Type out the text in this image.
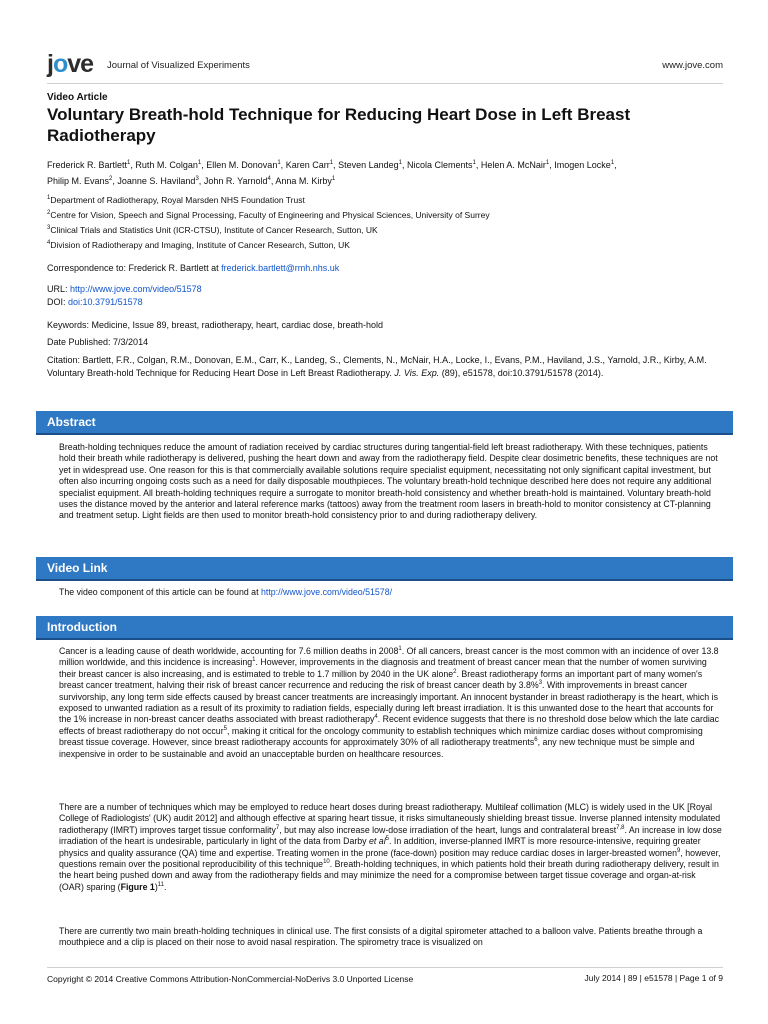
jove Journal of Visualized Experiments	www.jove.com
Video Article
Voluntary Breath-hold Technique for Reducing Heart Dose in Left Breast Radiotherapy
Frederick R. Bartlett$^1$, Ruth M. Colgan$^1$, Ellen M. Donovan$^1$, Karen Carr$^1$, Steven Landeg$^1$, Nicola Clements$^1$, Helen A. McNair$^1$, Imogen Locke$^1$,
Philip M. Evans$^2$, Joanne S. Haviland$^3$, John R. Yarnold$^4$, Anna M. Kirby$^1$
$^1$Department of Radiotherapy, Royal Marsden NHS Foundation Trust
$^2$Centre for Vision, Speech and Signal Processing, Faculty of Engineering and Physical Sciences, University of Surrey
$^3$Clinical Trials and Statistics Unit (ICR-CTSU), Institute of Cancer Research, Sutton, UK
$^4$Division of Radiotherapy and Imaging, Institute of Cancer Research, Sutton, UK
Correspondence to: Frederick R. Bartlett at frederick.bartlett@rmh.nhs.uk
URL: http://www.jove.com/video/51578
DOI: doi:10.3791/51578
Keywords: Medicine, Issue 89, breast, radiotherapy, heart, cardiac dose, breath-hold
Date Published: 7/3/2014
Citation: Bartlett, F.R., Colgan, R.M., Donovan, E.M., Carr, K., Landeg, S., Clements, N., McNair, H.A., Locke, I., Evans, P.M., Haviland, J.S., Yarnold, J.R., Kirby, A.M. Voluntary Breath-hold Technique for Reducing Heart Dose in Left Breast Radiotherapy. J. Vis. Exp. (89), e51578, doi:10.3791/51578 (2014).
Abstract
Breath-holding techniques reduce the amount of radiation received by cardiac structures during tangential-field left breast radiotherapy. With these techniques, patients hold their breath while radiotherapy is delivered, pushing the heart down and away from the radiotherapy field. Despite clear dosimetric benefits, these techniques are not yet in widespread use. One reason for this is that commercially available solutions require specialist equipment, necessitating not only significant capital investment, but often also incurring ongoing costs such as a need for daily disposable mouthpieces. The voluntary breath-hold technique described here does not require any additional specialist equipment. All breath-holding techniques require a surrogate to monitor breath-hold consistency and whether breath-hold is maintained. Voluntary breath-hold uses the distance moved by the anterior and lateral reference marks (tattoos) away from the treatment room lasers in breath-hold to monitor consistency at CT-planning and treatment setup. Light fields are then used to monitor breath-hold consistency prior to and during radiotherapy delivery.
Video Link
The video component of this article can be found at http://www.jove.com/video/51578/
Introduction
Cancer is a leading cause of death worldwide, accounting for 7.6 million deaths in 2008$^1$. Of all cancers, breast cancer is the most common with an incidence of over 13.8 million worldwide, and this incidence is increasing$^1$. However, improvements in the diagnosis and treatment of breast cancer mean that the number of women surviving their breast cancer is also increasing, and is estimated to treble to 1.7 million by 2040 in the UK alone$^2$. Breast radiotherapy forms an important part of many women's breast cancer treatment, halving their risk of breast cancer recurrence and reducing the risk of breast cancer death by 3.8%$^3$. With improvements in breast cancer survivorship, any long term side effects caused by breast cancer treatments are increasingly important. An innocent bystander in breast radiotherapy is the heart, which is exposed to unwanted radiation as a result of its proximity to radiation fields, especially during left breast irradiation. It is this unwanted dose to the heart that accounts for the 1% increase in non-breast cancer deaths associated with breast radiotherapy$^4$. Recent evidence suggests that there is no threshold dose below which the late cardiac effects of breast radiotherapy do not occur$^5$, making it critical for the oncology community to establish techniques which minimize cardiac doses without compromising breast tissue coverage. However, since breast radiotherapy accounts for approximately 30% of all radiotherapy treatments$^6$, any new technique must be simple and inexpensive in order to be sustainable and avoid an unacceptable burden on healthcare resources.
There are a number of techniques which may be employed to reduce heart doses during breast radiotherapy. Multileaf collimation (MLC) is widely used in the UK [Royal College of Radiologists' (UK) audit 2012] and although effective at sparing heart tissue, it risks simultaneously shielding breast tissue. Inverse planned intensity modulated radiotherapy (IMRT) improves target tissue conformality$^7$, but may also increase low-dose irradiation of the heart, lungs and contralateral breast$^{7,8}$. An increase in low dose irradiation of the heart is undesirable, particularly in light of the data from Darby et $al^5$. In addition, inverse-planned IMRT is more resource-intensive, requiring greater physics and quality assurance (QA) time and expertise. Treating women in the prone (face-down) position may reduce cardiac doses in larger-breasted women$^9$, however, questions remain over the positional reproducibility of this technique$^{10}$. Breath-holding techniques, in which patients hold their breath during radiotherapy delivery, result in the heart being pushed down and away from the radiotherapy fields and may minimize the need for a compromise between target tissue coverage and organ-at-risk (OAR) sparing (Figure 1)$^{11}$.
There are currently two main breath-holding techniques in clinical use. The first consists of a digital spirometer attached to a balloon valve. Patients breathe through a mouthpiece and a clip is placed on their nose to avoid nasal respiration. The spirometry trace is visualized on
Copyright © 2014 Creative Commons Attribution-NonCommercial-NoDerivs 3.0 Unported License	July 2014 | 89 | e51578 | Page 1 of 9
